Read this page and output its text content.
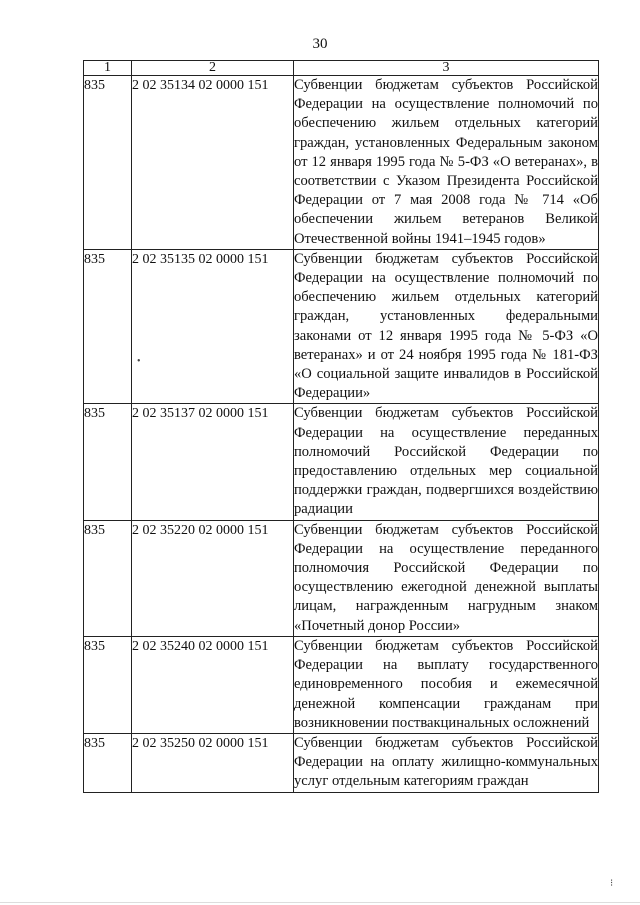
30
1	2	3
835	2 02 35134 02 0000 151	Субвенции бюджетам субъектов Российской Федерации на осуществление полномочий по обеспечению жильем отдельных категорий граждан, установленных Федеральным законом от 12 января 1995 года № 5-ФЗ «О ветеранах», в соответствии с Указом Президента Российской Федерации от 7 мая 2008 года № 714 «Об обеспечении жильем ветеранов Великой Отечественной войны 1941–1945 годов»
835	2 02 35135 02 0000 151	Субвенции бюджетам субъектов Российской Федерации на осуществление полномочий по обеспечению жильем отдельных категорий граждан, установленных федеральными законами от 12 января 1995 года № 5-ФЗ «О ветеранах» и от 24 ноября 1995 года № 181-ФЗ «О социальной защите инвалидов в Российской Федерации»
835	2 02 35137 02 0000 151	Субвенции бюджетам субъектов Российской Федерации на осуществление переданных полномочий Российской Федерации по предоставлению отдельных мер социальной поддержки граждан, подвергшихся воздействию радиации
835	2 02 35220 02 0000 151	Субвенции бюджетам субъектов Российской Федерации на осуществление переданного полномочия Российской Федерации по осуществлению ежегодной денежной выплаты лицам, награжденным нагрудным знаком «Почетный донор России»
835	2 02 35240 02 0000 151	Субвенции бюджетам субъектов Российской Федерации на выплату государственного единовременного пособия и ежемесячной денежной компенсации гражданам при возникновении поствакцинальных осложнений
835	2 02 35250 02 0000 151	Субвенции бюджетам субъектов Российской Федерации на оплату жилищно-коммунальных услуг отдельным категориям граждан
•
⁝
